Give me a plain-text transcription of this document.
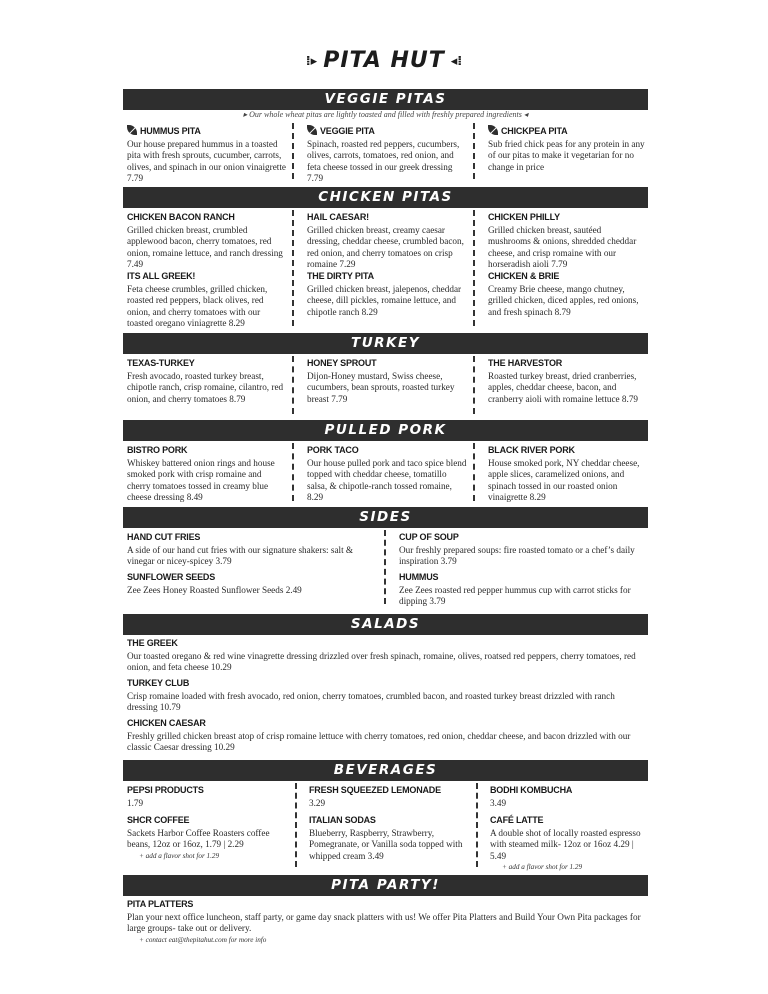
⁞▸ PITA HUT ◂⁞
VEGGIE PITAS
▸ Our whole wheat pitas are lightly toasted and filled with freshly prepared ingredients ◂
HUMMUS PITA
Our house prepared hummus in a toasted pita with fresh sprouts, cucumber, carrots, olives, and spinach in our onion vinaigrette 7.79
VEGGIE PITA
Spinach, roasted red peppers, cucumbers, olives, carrots, tomatoes, red onion, and feta cheese tossed in our greek dressing 7.79
CHICKPEA PITA
Sub fried chick peas for any protein in any of our pitas to make it vegetarian for no change in price
CHICKEN PITAS
CHICKEN BACON RANCH
Grilled chicken breast, crumbled applewood bacon, cherry tomatoes, red onion, romaine lettuce, and ranch dressing 7.49
HAIL CAESAR!
Grilled chicken breast, creamy caesar dressing, cheddar cheese, crumbled bacon, red onion, and cherry tomatoes on crisp romaine 7.29
CHICKEN PHILLY
Grilled chicken breast, sautéed mushrooms & onions, shredded cheddar cheese, and crisp romaine with our horseradish aioli 7.79
ITS ALL GREEK!
Feta cheese crumbles, grilled chicken, roasted red peppers, black olives, red onion, and cherry tomatoes with our toasted oregano viniagrette 8.29
THE DIRTY PITA
Grilled chicken breast, jalepenos, cheddar cheese, dill pickles, romaine lettuce, and chipotle ranch 8.29
CHICKEN & BRIE
Creamy Brie cheese, mango chutney, grilled chicken, diced apples, red onions, and fresh spinach 8.79
TURKEY
TEXAS-TURKEY
Fresh avocado, roasted turkey breast, chipotle ranch, crisp romaine, cilantro, red onion, and cherry tomatoes 8.79
HONEY SPROUT
Dijon-Honey mustard, Swiss cheese, cucumbers, bean sprouts, roasted turkey breast 7.79
THE HARVESTOR
Roasted turkey breast, dried cranberries, apples, cheddar cheese, bacon, and cranberry aioli with romaine lettuce 8.79
PULLED PORK
BISTRO PORK
Whiskey battered onion rings and house smoked pork with crisp romaine and cherry tomatoes tossed in creamy blue cheese dressing 8.49
PORK TACO
Our house pulled pork and taco spice blend topped with cheddar cheese, tomatillo salsa, & chipotle-ranch tossed romaine, 8.29
BLACK RIVER PORK
House smoked pork, NY cheddar cheese, apple slices, caramelized onions, and spinach tossed in our roasted onion vinaigrette 8.29
SIDES
HAND CUT FRIES
A side of our hand cut fries with our signature shakers: salt & vinegar or nicey-spicey 3.79
CUP OF SOUP
Our freshly prepared soups: fire roasted tomato or a chef’s daily inspiration 3.79
SUNFLOWER SEEDS
Zee Zees Honey Roasted Sunflower Seeds 2.49
HUMMUS
Zee Zees roasted red pepper hummus cup with carrot sticks for dipping 3.79
SALADS
THE GREEK
Our toasted oregano & red wine vinagrette dressing drizzled over fresh spinach, romaine, olives, roatsed red peppers, cherry tomatoes, red onion, and feta cheese 10.29
TURKEY CLUB
Crisp romaine loaded with fresh avocado, red onion, cherry tomatoes, crumbled bacon, and roasted turkey breast drizzled with ranch dressing 10.79
CHICKEN CAESAR
Freshly grilled chicken breast atop of crisp romaine lettuce with cherry tomatoes, red onion, cheddar cheese, and bacon drizzled with our classic Caesar dressing 10.29
BEVERAGES
PEPSI PRODUCTS
1.79
FRESH SQUEEZED LEMONADE
3.29
BODHI KOMBUCHA
3.49
SHCR COFFEE
Sackets Harbor Coffee Roasters coffee beans, 12oz or 16oz, 1.79 | 2.29
+ add a flavor shot for 1.29
ITALIAN SODAS
Blueberry, Raspberry, Strawberry, Pomegranate, or Vanilla soda topped with whipped cream 3.49
CAFÉ LATTE
A double shot of locally roasted espresso with steamed milk- 12oz or 16oz 4.29 | 5.49
+ add a flavor shot for 1.29
PITA PARTY!
PITA PLATTERS
Plan your next office luncheon, staff party, or game day snack platters with us! We offer Pita Platters and Build Your Own Pita packages for large groups- take out or delivery.
+ contact eat@thepitahut.com for more info
